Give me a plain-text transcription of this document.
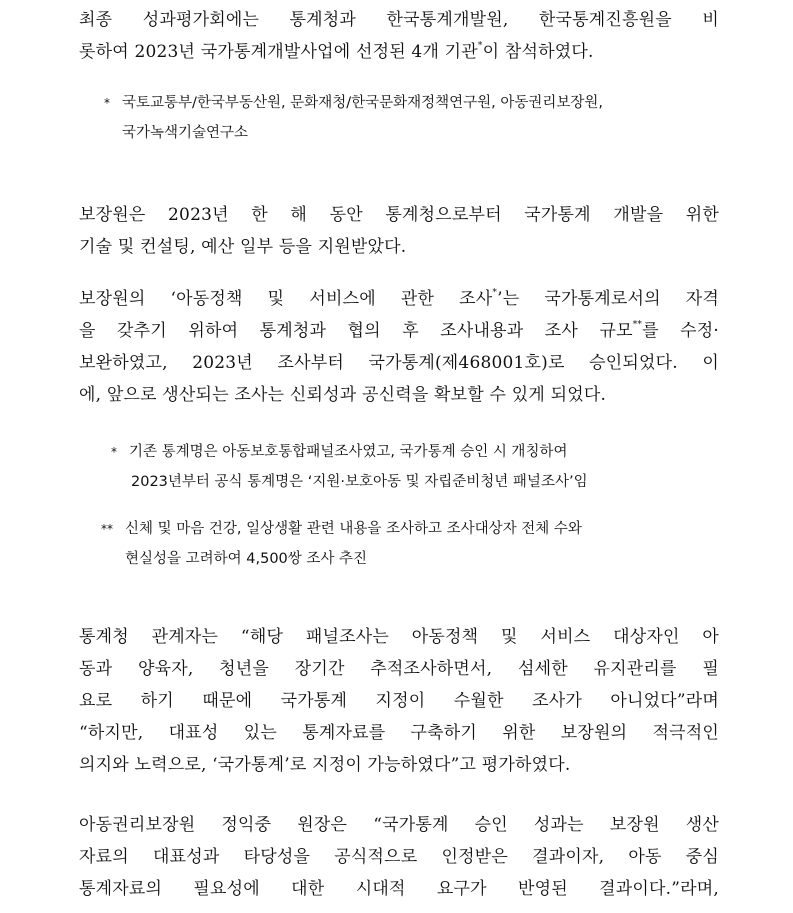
최종 성과평가회에는 통계청과 한국통계개발원, 한국통계진흥원을 비
롯하여 2023년 국가통계개발사업에 선정된 4개 기관*이 참석하였다.
* 국토교통부/한국부동산원, 문화재청/한국문화재정책연구원, 아동권리보장원,
국가녹색기술연구소
보장원은 2023년 한 해 동안 통계청으로부터 국가통계 개발을 위한
기술 및 컨설팅, 예산 일부 등을 지원받았다.
보장원의 ‘아동정책 및 서비스에 관한 조사*’는 국가통계로서의 자격
을 갖추기 위하여 통계청과 협의 후 조사내용과 조사 규모**를 수정·
보완하였고, 2023년 조사부터 국가통계(제468001호)로 승인되었다. 이
에, 앞으로 생산되는 조사는 신뢰성과 공신력을 확보할 수 있게 되었다.
* 기존 통계명은 아동보호통합패널조사였고, 국가통계 승인 시 개칭하여
2023년부터 공식 통계명은 ‘지원·보호아동 및 자립준비청년 패널조사’임
** 신체 및 마음 건강, 일상생활 관련 내용을 조사하고 조사대상자 전체 수와
현실성을 고려하여 4,500쌍 조사 추진
통계청 관계자는 “해당 패널조사는 아동정책 및 서비스 대상자인 아
동과 양육자, 청년을 장기간 추적조사하면서, 섬세한 유지관리를 필
요로 하기 때문에 국가통계 지정이 수월한 조사가 아니었다”라며
“하지만, 대표성 있는 통계자료를 구축하기 위한 보장원의 적극적인
의지와 노력으로, ‘국가통계’로 지정이 가능하였다”고 평가하였다.
아동권리보장원 정익중 원장은 “국가통계 승인 성과는 보장원 생산
자료의 대표성과 타당성을 공식적으로 인정받은 결과이자, 아동 중심
통계자료의 필요성에 대한 시대적 요구가 반영된 결과이다.”라며,
